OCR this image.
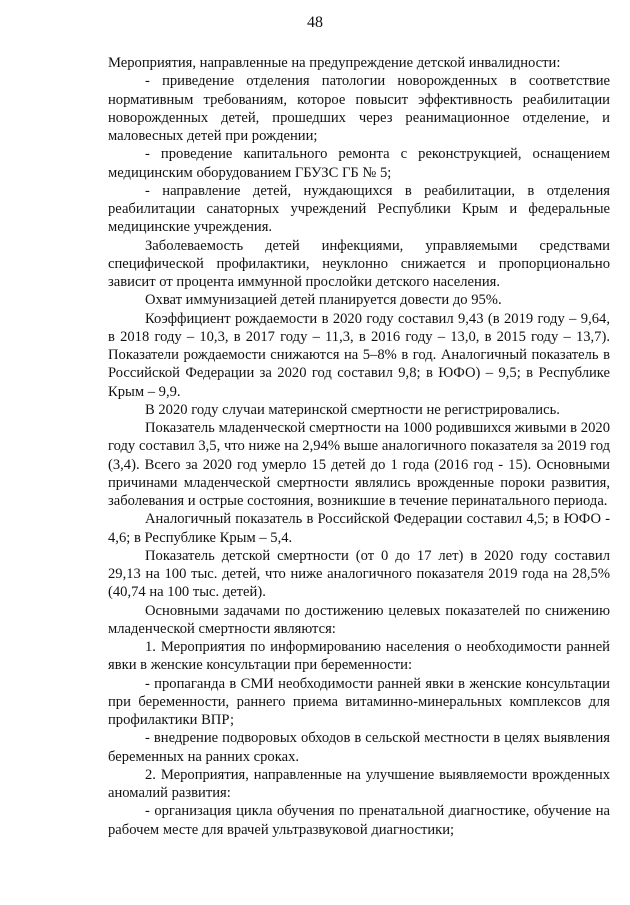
48

Мероприятия, направленные на предупреждение детской инвалидности:

- приведение отделения патологии новорожденных в соответствие нормативным требованиям, которое повысит эффективность реабилитации новорожденных детей, прошедших через реанимационное отделение, и маловесных детей при рождении;

- проведение капитального ремонта с реконструкцией, оснащением медицинским оборудованием ГБУЗС ГБ № 5;

- направление детей, нуждающихся в реабилитации, в отделения реабилитации санаторных учреждений Республики Крым и федеральные медицинские учреждения.

Заболеваемость детей инфекциями, управляемыми средствами специфической профилактики, неуклонно снижается и пропорционально зависит от процента иммунной прослойки детского населения.

Охват иммунизацией детей планируется довести до 95%.

Коэффициент рождаемости в 2020 году составил 9,43 (в 2019 году – 9,64, в 2018 году – 10,3, в 2017 году – 11,3, в 2016 году – 13,0, в 2015 году – 13,7). Показатели рождаемости снижаются на 5–8% в год. Аналогичный показатель в Российской Федерации за 2020 год составил 9,8; в ЮФО) – 9,5; в Республике Крым – 9,9.

В 2020 году случаи материнской смертности не регистрировались.

Показатель младенческой смертности на 1000 родившихся живыми в 2020 году составил 3,5, что ниже на 2,94% выше аналогичного показателя за 2019 год (3,4). Всего за 2020 год умерло 15 детей до 1 года (2016 год - 15). Основными причинами младенческой смертности являлись врожденные пороки развития, заболевания и острые состояния, возникшие в течение перинатального периода.

Аналогичный показатель в Российской Федерации составил 4,5; в ЮФО - 4,6; в Республике Крым – 5,4.

Показатель детской смертности (от 0 до 17 лет) в 2020 году составил 29,13 на 100 тыс. детей, что ниже аналогичного показателя 2019 года на 28,5% (40,74 на 100 тыс. детей).

Основными задачами по достижению целевых показателей по снижению младенческой смертности являются:

1. Мероприятия по информированию населения о необходимости ранней явки в женские консультации при беременности:

- пропаганда в СМИ необходимости ранней явки в женские консультации при беременности, раннего приема витаминно-минеральных комплексов для профилактики ВПР;

- внедрение подворовых обходов в сельской местности в целях выявления беременных на ранних сроках.

2. Мероприятия, направленные на улучшение выявляемости врожденных аномалий развития:

- организация цикла обучения по пренатальной диагностике, обучение на рабочем месте для врачей ультразвуковой диагностики;
